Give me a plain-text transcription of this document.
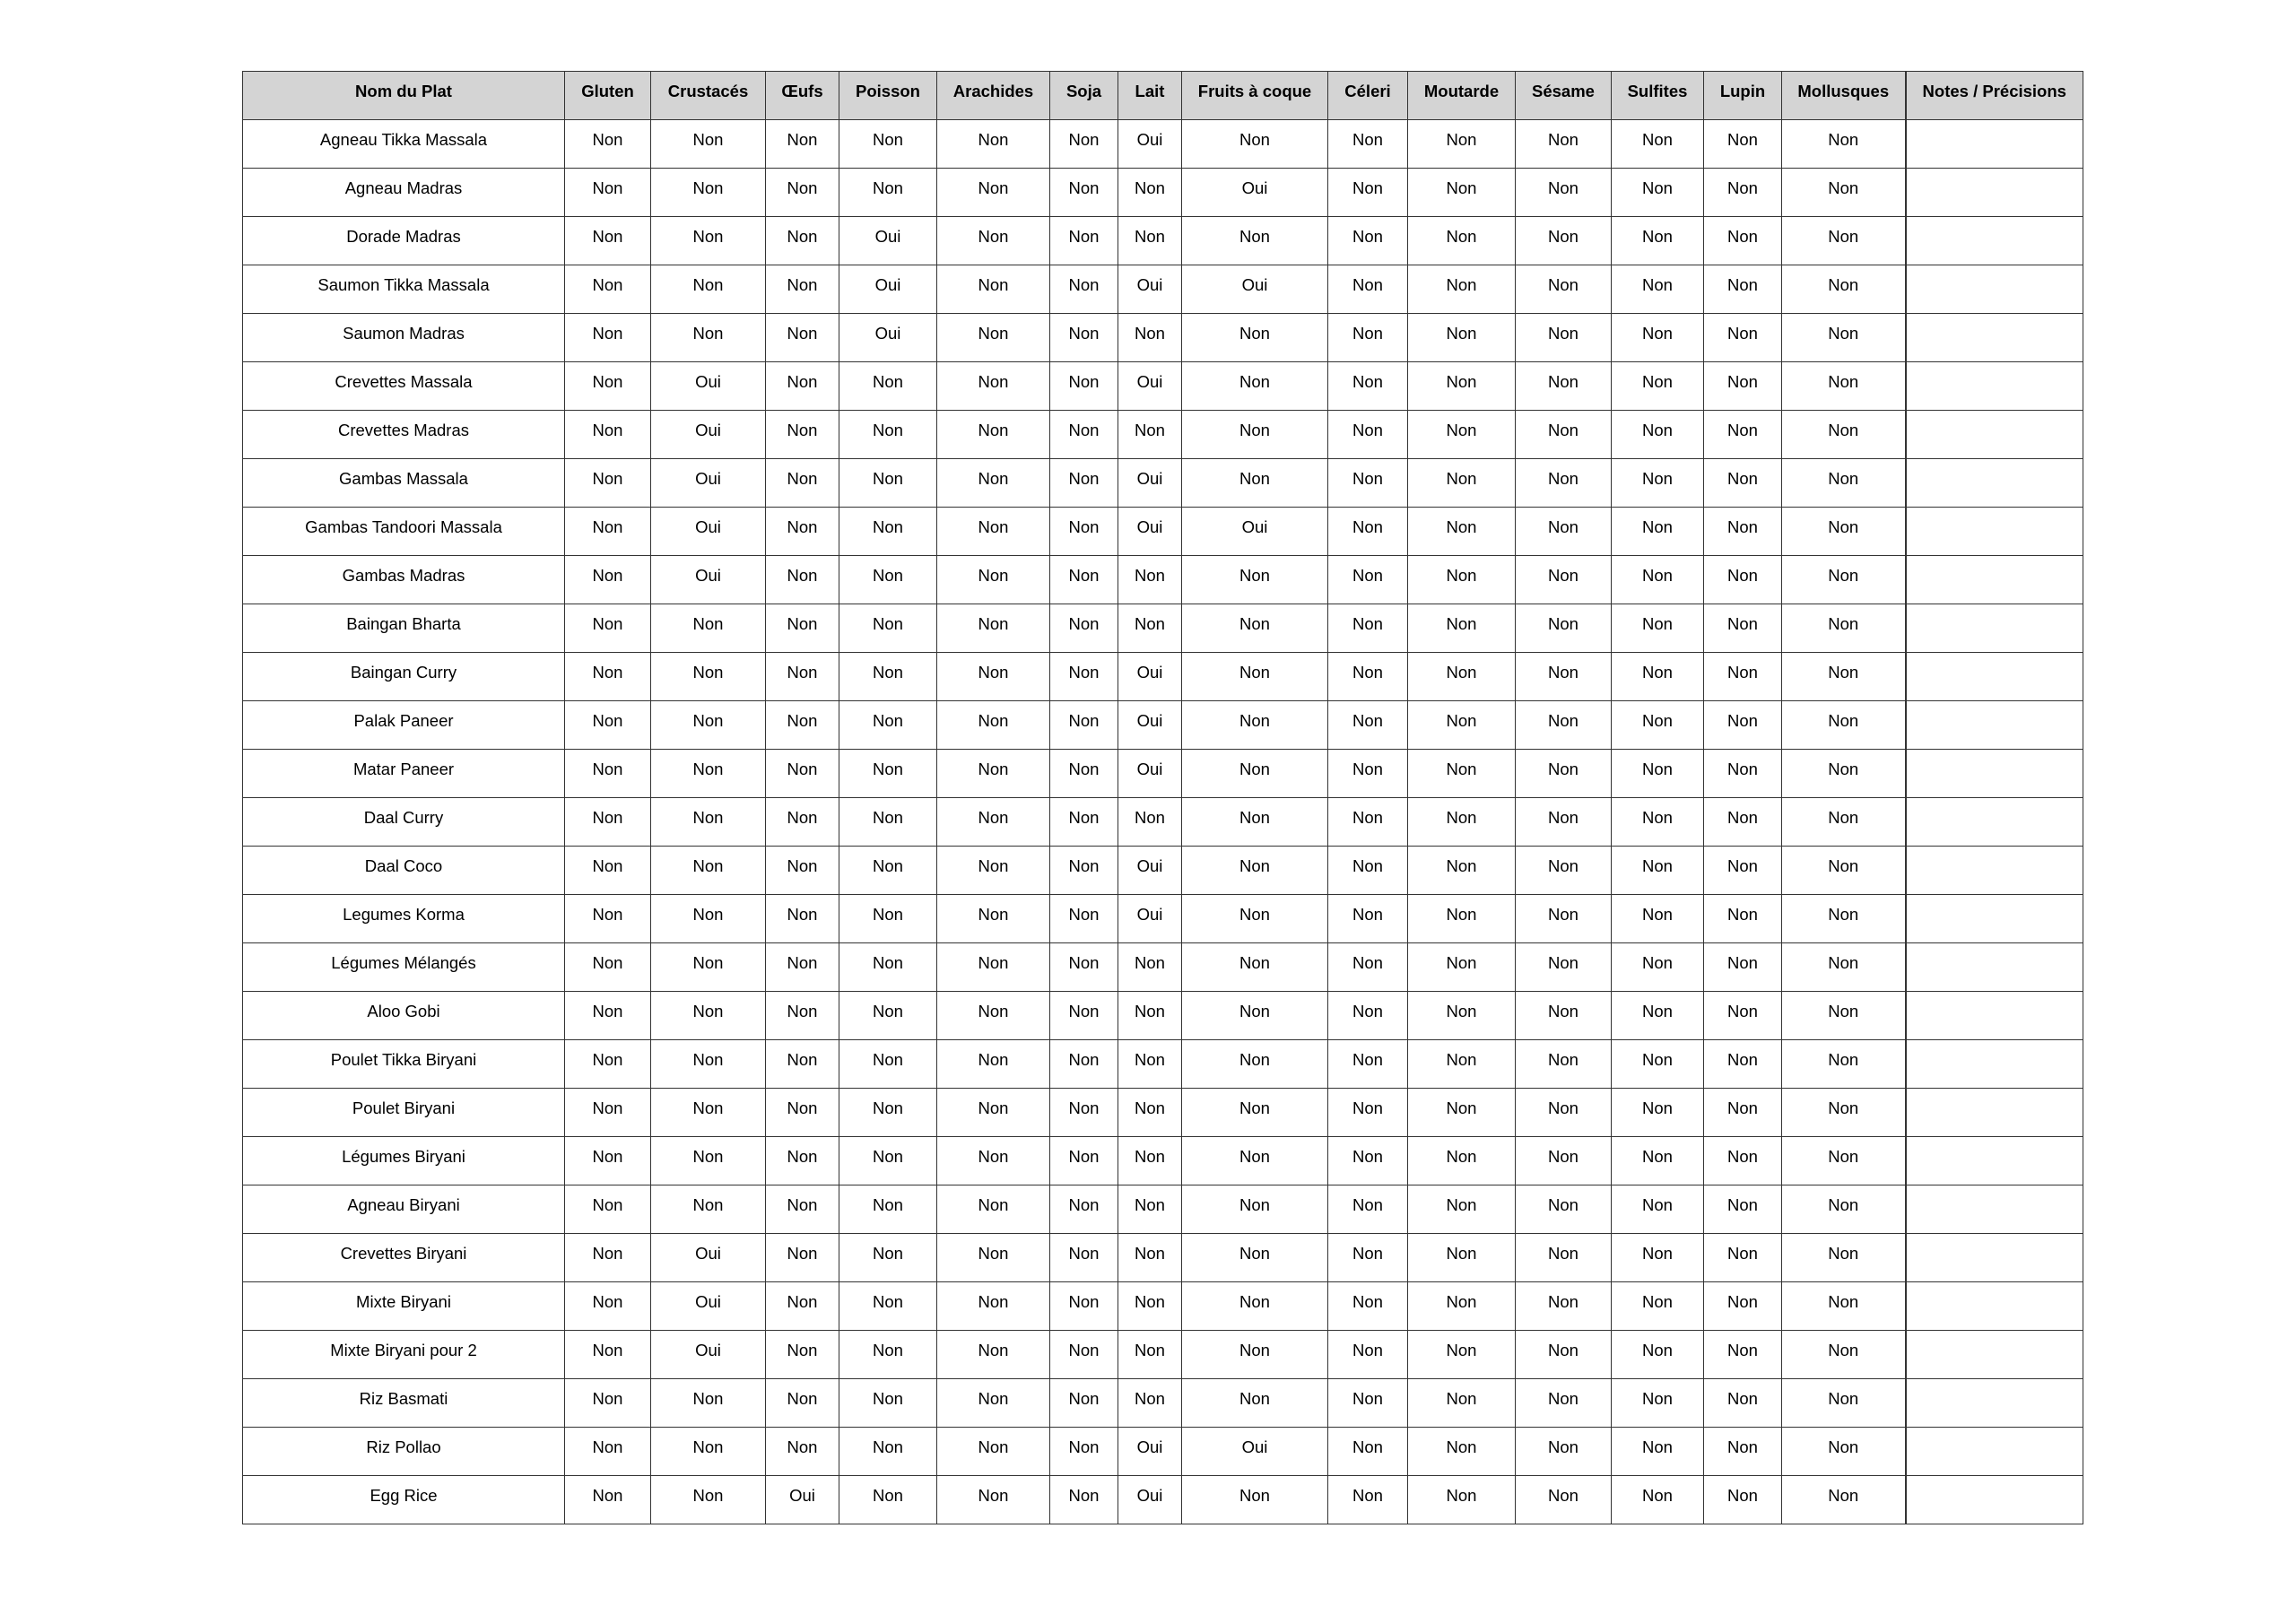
Nom du Plat	Gluten	Crustacés	Œufs	Poisson	Arachides	Soja	Lait	Fruits à coque	Céleri	Moutarde	Sésame	Sulfites	Lupin	Mollusques	Notes / Précisions
Agneau Tikka Massala	Non	Non	Non	Non	Non	Non	Oui	Non	Non	Non	Non	Non	Non	Non	
Agneau Madras	Non	Non	Non	Non	Non	Non	Non	Oui	Non	Non	Non	Non	Non	Non	
Dorade Madras	Non	Non	Non	Oui	Non	Non	Non	Non	Non	Non	Non	Non	Non	Non	
Saumon Tikka Massala	Non	Non	Non	Oui	Non	Non	Oui	Oui	Non	Non	Non	Non	Non	Non	
Saumon Madras	Non	Non	Non	Oui	Non	Non	Non	Non	Non	Non	Non	Non	Non	Non	
Crevettes Massala	Non	Oui	Non	Non	Non	Non	Oui	Non	Non	Non	Non	Non	Non	Non	
Crevettes Madras	Non	Oui	Non	Non	Non	Non	Non	Non	Non	Non	Non	Non	Non	Non	
Gambas Massala	Non	Oui	Non	Non	Non	Non	Oui	Non	Non	Non	Non	Non	Non	Non	
Gambas Tandoori Massala	Non	Oui	Non	Non	Non	Non	Oui	Oui	Non	Non	Non	Non	Non	Non	
Gambas Madras	Non	Oui	Non	Non	Non	Non	Non	Non	Non	Non	Non	Non	Non	Non	
Baingan Bharta	Non	Non	Non	Non	Non	Non	Non	Non	Non	Non	Non	Non	Non	Non	
Baingan Curry	Non	Non	Non	Non	Non	Non	Oui	Non	Non	Non	Non	Non	Non	Non	
Palak Paneer	Non	Non	Non	Non	Non	Non	Oui	Non	Non	Non	Non	Non	Non	Non	
Matar Paneer	Non	Non	Non	Non	Non	Non	Oui	Non	Non	Non	Non	Non	Non	Non	
Daal Curry	Non	Non	Non	Non	Non	Non	Non	Non	Non	Non	Non	Non	Non	Non	
Daal Coco	Non	Non	Non	Non	Non	Non	Oui	Non	Non	Non	Non	Non	Non	Non	
Legumes Korma	Non	Non	Non	Non	Non	Non	Oui	Non	Non	Non	Non	Non	Non	Non	
Légumes Mélangés	Non	Non	Non	Non	Non	Non	Non	Non	Non	Non	Non	Non	Non	Non	
Aloo Gobi	Non	Non	Non	Non	Non	Non	Non	Non	Non	Non	Non	Non	Non	Non	
Poulet Tikka Biryani	Non	Non	Non	Non	Non	Non	Non	Non	Non	Non	Non	Non	Non	Non	
Poulet Biryani	Non	Non	Non	Non	Non	Non	Non	Non	Non	Non	Non	Non	Non	Non	
Légumes Biryani	Non	Non	Non	Non	Non	Non	Non	Non	Non	Non	Non	Non	Non	Non	
Agneau Biryani	Non	Non	Non	Non	Non	Non	Non	Non	Non	Non	Non	Non	Non	Non	
Crevettes Biryani	Non	Oui	Non	Non	Non	Non	Non	Non	Non	Non	Non	Non	Non	Non	
Mixte Biryani	Non	Oui	Non	Non	Non	Non	Non	Non	Non	Non	Non	Non	Non	Non	
Mixte Biryani pour 2	Non	Oui	Non	Non	Non	Non	Non	Non	Non	Non	Non	Non	Non	Non	
Riz Basmati	Non	Non	Non	Non	Non	Non	Non	Non	Non	Non	Non	Non	Non	Non	
Riz Pollao	Non	Non	Non	Non	Non	Non	Oui	Oui	Non	Non	Non	Non	Non	Non	
Egg Rice	Non	Non	Oui	Non	Non	Non	Oui	Non	Non	Non	Non	Non	Non	Non	
